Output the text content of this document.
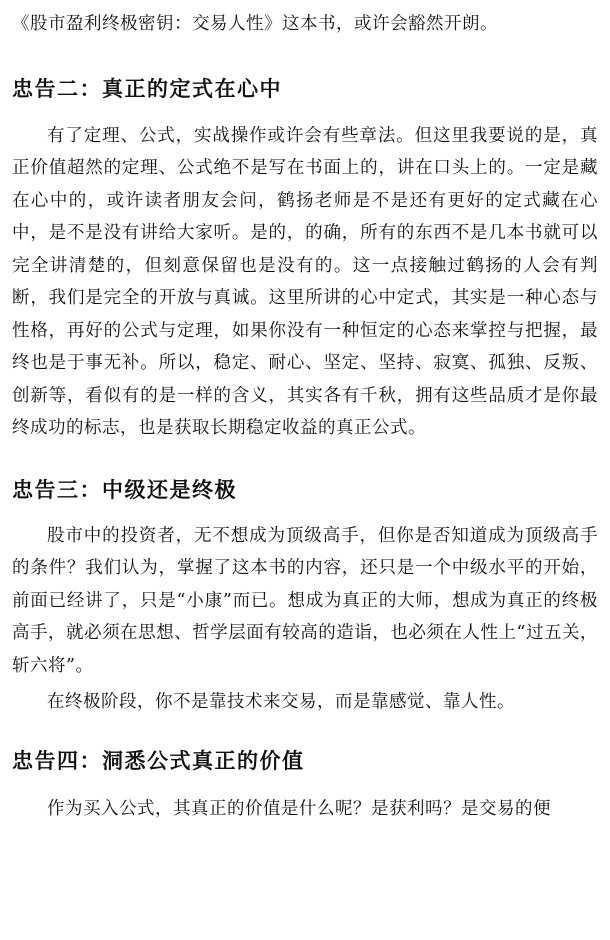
《股市盈利终极密钥：交易人性》这本书，或许会豁然开朗。

忠告二：真正的定式在心中

有了定理、公式，实战操作或许会有些章法。但这里我要说的是，真正价值超然的定理、公式绝不是写在书面上的，讲在口头上的。一定是藏在心中的，或许读者朋友会问，鹤扬老师是不是还有更好的定式藏在心中，是不是没有讲给大家听。是的，的确，所有的东西不是几本书就可以完全讲清楚的，但刻意保留也是没有的。这一点接触过鹤扬的人会有判断，我们是完全的开放与真诚。这里所讲的心中定式，其实是一种心态与性格，再好的公式与定理，如果你没有一种恒定的心态来掌控与把握，最终也是于事无补。所以，稳定、耐心、坚定、坚持、寂寞、孤独、反叛、创新等，看似有的是一样的含义，其实各有千秋，拥有这些品质才是你最终成功的标志，也是获取长期稳定收益的真正公式。

忠告三：中级还是终极

股市中的投资者，无不想成为顶级高手，但你是否知道成为顶级高手的条件？我们认为，掌握了这本书的内容，还只是一个中级水平的开始，前面已经讲了，只是“小康”而已。想成为真正的大师，想成为真正的终极高手，就必须在思想、哲学层面有较高的造诣，也必须在人性上“过五关，斩六将”。

在终极阶段，你不是靠技术来交易，而是靠感觉、靠人性。

忠告四：洞悉公式真正的价值

作为买入公式，其真正的价值是什么呢？是获利吗？是交易的便
